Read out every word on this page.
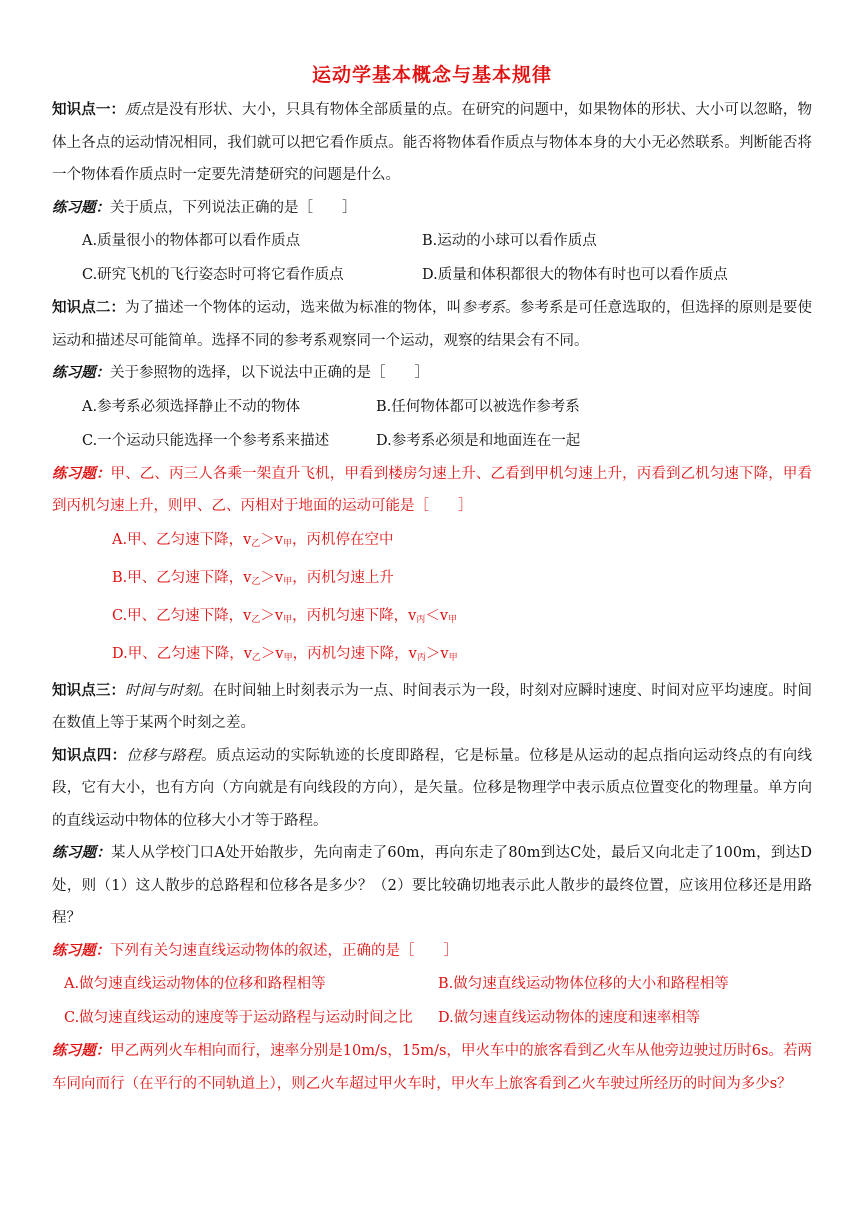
运动学基本概念与基本规律

知识点一：质点是没有形状、大小，只具有物体全部质量的点。在研究的问题中，如果物体的形状、大小可以忽略，物体上各点的运动情况相同，我们就可以把它看作质点。能否将物体看作质点与物体本身的大小无必然联系。判断能否将一个物体看作质点时一定要先清楚研究的问题是什么。

练习题：关于质点，下列说法正确的是［　　］

A.质量很小的物体都可以看作质点	B.运动的小球可以看作质点
C.研究飞机的飞行姿态时可将它看作质点	D.质量和体积都很大的物体有时也可以看作质点

知识点二：为了描述一个物体的运动，选来做为标准的物体，叫参考系。参考系是可任意选取的，但选择的原则是要使运动和描述尽可能简单。选择不同的参考系观察同一个运动，观察的结果会有不同。

练习题：关于参照物的选择，以下说法中正确的是［　　］

A.参考系必须选择静止不动的物体	B.任何物体都可以被选作参考系
C.一个运动只能选择一个参考系来描述	D.参考系必须是和地面连在一起

练习题：甲、乙、丙三人各乘一架直升飞机，甲看到楼房匀速上升、乙看到甲机匀速上升，丙看到乙机匀速下降，甲看到丙机匀速上升，则甲、乙、丙相对于地面的运动可能是［　　］

A.甲、乙匀速下降，$v_乙>v_甲$，丙机停在空中
B.甲、乙匀速下降，$v_乙>v_甲$，丙机匀速上升
C.甲、乙匀速下降，$v_乙>v_甲$，丙机匀速下降，$v_丙<v_甲$
D.甲、乙匀速下降，$v_乙>v_甲$，丙机匀速下降，$v_丙>v_甲$

知识点三：时间与时刻。在时间轴上时刻表示为一点、时间表示为一段，时刻对应瞬时速度、时间对应平均速度。时间在数值上等于某两个时刻之差。

知识点四：位移与路程。质点运动的实际轨迹的长度即路程，它是标量。位移是从运动的起点指向运动终点的有向线段，它有大小，也有方向（方向就是有向线段的方向），是矢量。位移是物理学中表示质点位置变化的物理量。单方向的直线运动中物体的位移大小才等于路程。

练习题：某人从学校门口A处开始散步，先向南走了60m，再向东走了80m到达C处，最后又向北走了100m，到达D处，则（1）这人散步的总路程和位移各是多少？（2）要比较确切地表示此人散步的最终位置，应该用位移还是用路程？

练习题：下列有关匀速直线运动物体的叙述，正确的是［　　］

A.做匀速直线运动物体的位移和路程相等	B.做匀速直线运动物体位移的大小和路程相等
C.做匀速直线运动的速度等于运动路程与运动时间之比	D.做匀速直线运动物体的速度和速率相等

练习题：甲乙两列火车相向而行，速率分别是10m/s，15m/s，甲火车中的旅客看到乙火车从他旁边驶过历时6s。若两车同向而行（在平行的不同轨道上），则乙火车超过甲火车时，甲火车上旅客看到乙火车驶过所经历的时间为多少s？
